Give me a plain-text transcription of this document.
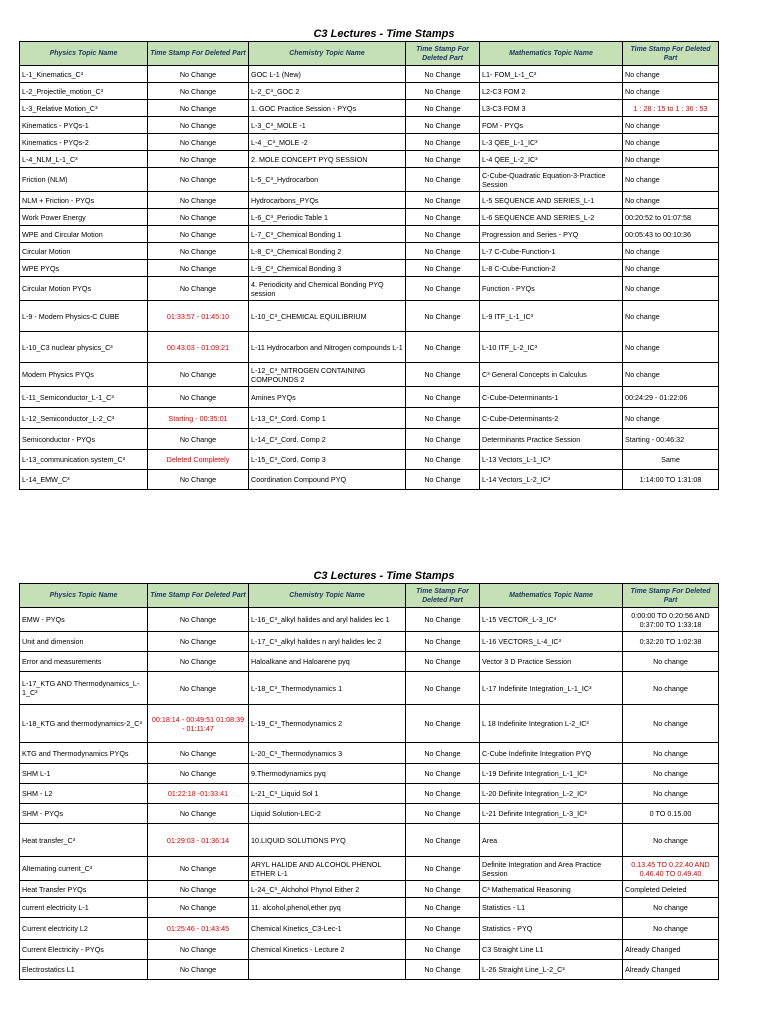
C3 Lectures - Time Stamps
Physics Topic Name	Time Stamp For Deleted Part	Chemistry Topic Name	Time Stamp For Deleted Part	Mathematics Topic Name	Time Stamp For Deleted Part
L-1_Kinematics_C³	No Change	GOC L-1 (New)	No Change	L1- FOM_L-1_C³	No change
L-2_Projectile_motion_C³	No Change	L-2_C³_GOC 2	No Change	L2-C3 FOM 2	No change
L-3_Relative Motion_C³	No Change	1. GOC Practice Session - PYQs	No Change	L3-C3 FOM 3	1 : 28 : 15 to 1 : 36 : 53
Kinematics - PYQs-1	No Change	L-3_C³_MOLE -1	No Change	FOM - PYQs	No change
Kinematics - PYQs-2	No Change	L-4 _C³_MOLE -2	No Change	L-3 QEE_L-1_IC³	No change
L-4_NLM_L-1_C³	No Change	2. MOLE CONCEPT PYQ SESSION	No Change	L-4 QEE_L-2_IC³	No change
Friction (NLM)	No Change	L-5_C³_Hydrocarbon	No Change	C-Cube-Quadratic Equation-3-Practice Session	No change
NLM + Friction - PYQs	No Change	Hydrocarbons_PYQs	No Change	L-5 SEQUENCE AND SERIES_L-1	No change
Work Power Energy	No Change	L-6_C³_Periodic Table 1	No Change	L-6 SEQUENCE AND SERIES_L-2	00:20:52 to 01:07:58
WPE and Circular Motion	No Change	L-7_C³_Chemical Bonding 1	No Change	Progression and Series - PYQ	00:05:43 to 00:10:36
Circular Motion	No Change	L-8_C³_Chemical Bonding 2	No Change	L-7 C-Cube-Function-1	No change
WPE PYQs	No Change	L-9_C³_Chemical Bonding 3	No Change	L-8 C-Cube-Function-2	No change
Circular Motion PYQs	No Change	4. Periodicity and Chemical Bonding PYQ session	No Change	Function - PYQs	No change
L-9 - Modern Physics-C CUBE	01:33:57 - 01:45:10	L-10_C³_CHEMICAL EQUILIBRIUM	No Change	L-9 ITF_L-1_IC³	No change
L-10_C3 nuclear physics_C³	00:43:03 - 01:09:21	L-11 Hydrocarbon and Nitrogen compounds L-1	No Change	L-10 ITF_L-2_IC³	No change
Modern Physics PYQs	No Change	L-12_C³_NITROGEN CONTAINING COMPOUNDS 2	No Change	C³ General Concepts in Calculus	No change
L-11_Semiconductor_L-1_C³	No Change	Amines PYQs	No Change	C-Cube-Determinants-1	00:24:29 - 01:22:06
L-12_Semiconductor_L-2_C³	Starting - 00:35:01	L-13_C³_Cord. Comp 1	No Change	C-Cube-Determinants-2	No change
Semiconductor - PYQs	No Change	L-14_C³_Cord. Comp 2	No Change	Determinants Practice Session	Starting - 00:46:32
L-13_communication system_C³	Deleted Completely	L-15_C³_Cord. Comp 3	No Change	L-13 Vectors_L-1_IC³	Same
L-14_EMW_C³	No Change	Coordination Compound PYQ	No Change	L-14 Vectors_L-2_IC³	1:14:00 TO 1:31:08
C3 Lectures - Time Stamps
Physics Topic Name	Time Stamp For Deleted Part	Chemistry Topic Name	Time Stamp For Deleted Part	Mathematics Topic Name	Time Stamp For Deleted Part
EMW - PYQs	No Change	L-16_C³_alkyl halides and aryl halides lec 1	No Change	L-15 VECTOR_L-3_IC³	0:00:00 TO 0:20:56 AND 0:37:00 TO 1:33:18
Unit and dimension	No Change	L-17_C³_alkyl halides n aryl halides lec 2	No Change	L-16 VECTORS_L-4_IC³	0:32:20 TO 1:02:38
Error and measurements	No Change	Haloalkane and Haloarene pyq	No Change	Vector 3 D Practice Session	No change
L-17_KTG AND Thermodynamics_L-1_C³	No Change	L-18_C³_Thermodynamics 1	No Change	L-17 Indefinite Integration_L-1_IC³	No change
L-18_KTG and thermodynamics-2_C³	00:18:14 - 00:49:51 01:08:39 - 01:11:47	L-19_C³_Thermodynamics 2	No Change	L 18 Indefinite Integration L-2_IC³	No change
KTG and Thermodynamics PYQs	No Change	L-20_C³_Thermodynamics 3	No Change	C-Cube Indefinite Integration PYQ	No change
SHM L-1	No Change	9.Thermodynamics pyq	No Change	L-19 Definite Integration_L-1_IC³	No change
SHM - L2	01:22:18 -01:33:41	L-21_C³_Liquid Sol 1	No Change	L-20 Definite Integration_L-2_IC³	No change
SHM - PYQs	No Change	Liquid Solution-LEC-2	No Change	L-21 Definite Integration_L-3_IC³	0 TO 0.15.00
Heat transfer_C³	01:29:03 - 01:36:14	10.LIQUID SOLUTIONS PYQ	No Change	Area	No change
Alternating current_C³	No Change	ARYL HALIDE AND ALCOHOL PHENOL ETHER L-1	No Change	Definite Integration and Area Practice Session	0.13.45 TO 0.22.40 AND 0.46.40 TO 0.49.40
Heat Transfer PYQs	No Change	L-24_C³_Alchohol Phynol Either 2	No Change	C³ Mathematical Reasoning	Completed Deleted
current electricity L-1	No Change	11. alcohol,phenol,ether pyq	No Change	Statistics - L1	No change
Current electricity L2	01:25:46 - 01:43:45	Chemical Kinetics_C3-Lec-1	No Change	Statistics - PYQ	No change
Current Electricity - PYQs	No Change	Chemical Kinetics - Lecture 2	No Change	C3 Straight Line L1	Already Changed
Electrostatics L1	No Change		No Change	L-26 Straight Line_L-2_C³	Already Changed
